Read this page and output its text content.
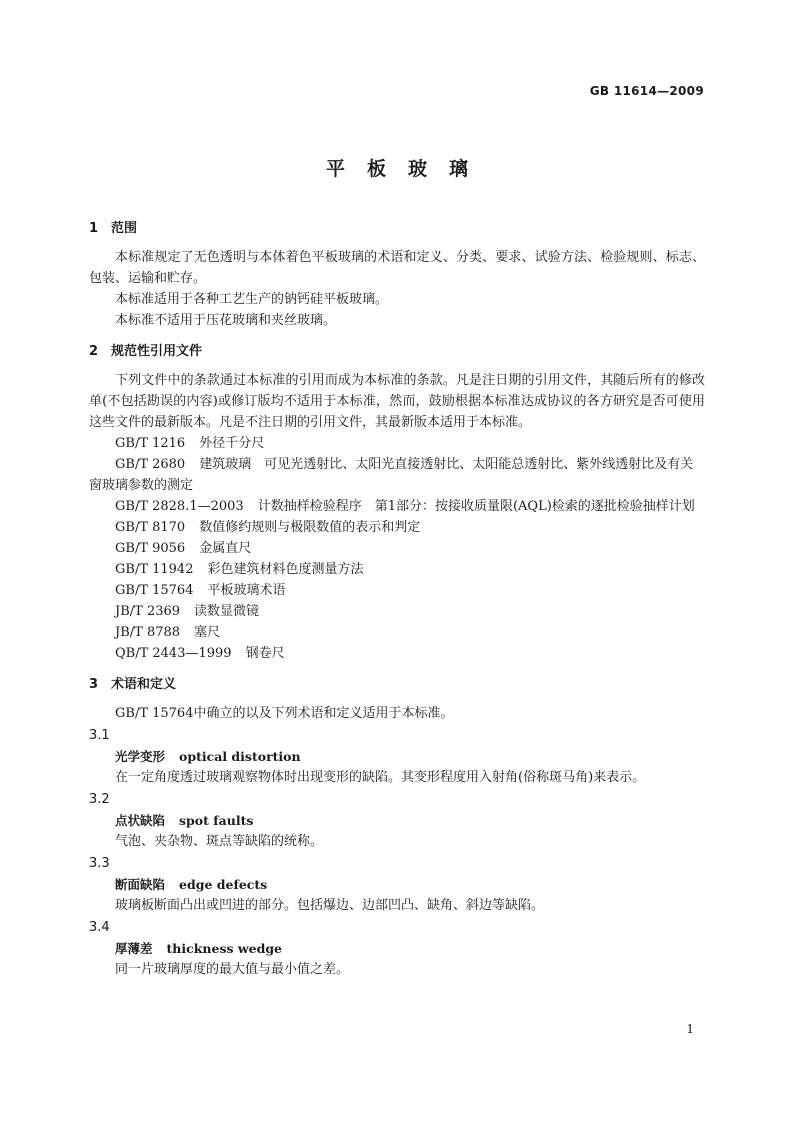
GB 11614—2009
平板玻璃
1 范围
本标准规定了无色透明与本体着色平板玻璃的术语和定义、分类、要求、试验方法、检验规则、标志、包装、运输和贮存。
本标准适用于各种工艺生产的钠钙硅平板玻璃。
本标准不适用于压花玻璃和夹丝玻璃。
2 规范性引用文件
下列文件中的条款通过本标准的引用而成为本标准的条款。凡是注日期的引用文件，其随后所有的修改单(不包括勘误的内容)或修订版均不适用于本标准，然而，鼓励根据本标准达成协议的各方研究是否可使用这些文件的最新版本。凡是不注日期的引用文件，其最新版本适用于本标准。
GB/T 1216 外径千分尺
GB/T 2680 建筑玻璃　可见光透射比、太阳光直接透射比、太阳能总透射比、紫外线透射比及有关窗玻璃参数的测定
GB/T 2828.1—2003 计数抽样检验程序　第1部分：按接收质量限(AQL)检索的逐批检验抽样计划
GB/T 8170 数值修约规则与极限数值的表示和判定
GB/T 9056 金属直尺
GB/T 11942 彩色建筑材料色度测量方法
GB/T 15764 平板玻璃术语
JB/T 2369 读数显微镜
JB/T 8788 塞尺
QB/T 2443—1999 钢卷尺
3 术语和定义
GB/T 15764中确立的以及下列术语和定义适用于本标准。
3.1
光学变形 optical distortion
在一定角度透过玻璃观察物体时出现变形的缺陷。其变形程度用入射角(俗称斑马角)来表示。
3.2
点状缺陷 spot faults
气泡、夹杂物、斑点等缺陷的统称。
3.3
断面缺陷 edge defects
玻璃板断面凸出或凹进的部分。包括爆边、边部凹凸、缺角、斜边等缺陷。
3.4
厚薄差 thickness wedge
同一片玻璃厚度的最大值与最小值之差。
1
